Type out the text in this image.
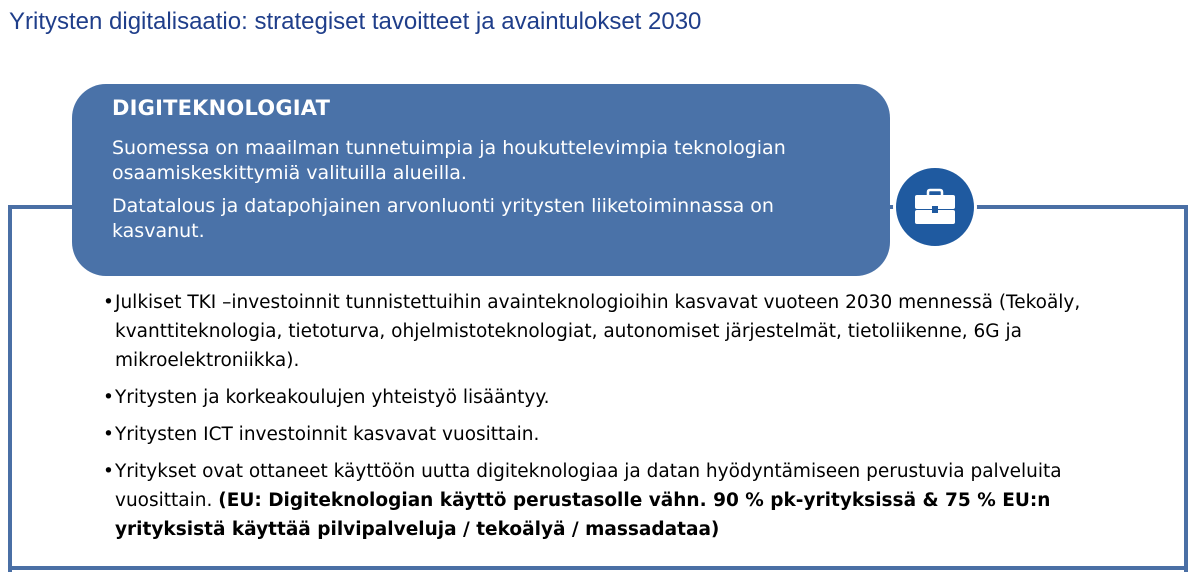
Yritysten digitalisaatio: strategiset tavoitteet ja avaintulokset 2030
DIGITEKNOLOGIAT

Suomessa on maailman tunnetuimpia ja houkuttelevimpia teknologian osaamiskeskittymiä valituilla alueilla.

Datatalous ja datapohjainen arvonluonti yritysten liiketoiminnassa on kasvanut.

• Julkiset TKI –investoinnit tunnistettuihin avainteknologioihin kasvavat vuoteen 2030 mennessä (Tekoäly, kvanttiteknologia, tietoturva, ohjelmistoteknologiat, autonomiset järjestelmät, tietoliikenne, 6G ja mikroelektroniikka).
• Yritysten ja korkeakoulujen yhteistyö lisääntyy.
• Yritysten ICT investoinnit kasvavat vuosittain.
• Yritykset ovat ottaneet käyttöön uutta digiteknologiaa ja datan hyödyntämiseen perustuvia palveluita vuosittain. (EU: Digiteknologian käyttö perustasolle vähn. 90 % pk-yrityksissä & 75 % EU:n yrityksistä käyttää pilvipalveluja / tekoälyä / massadataa)
